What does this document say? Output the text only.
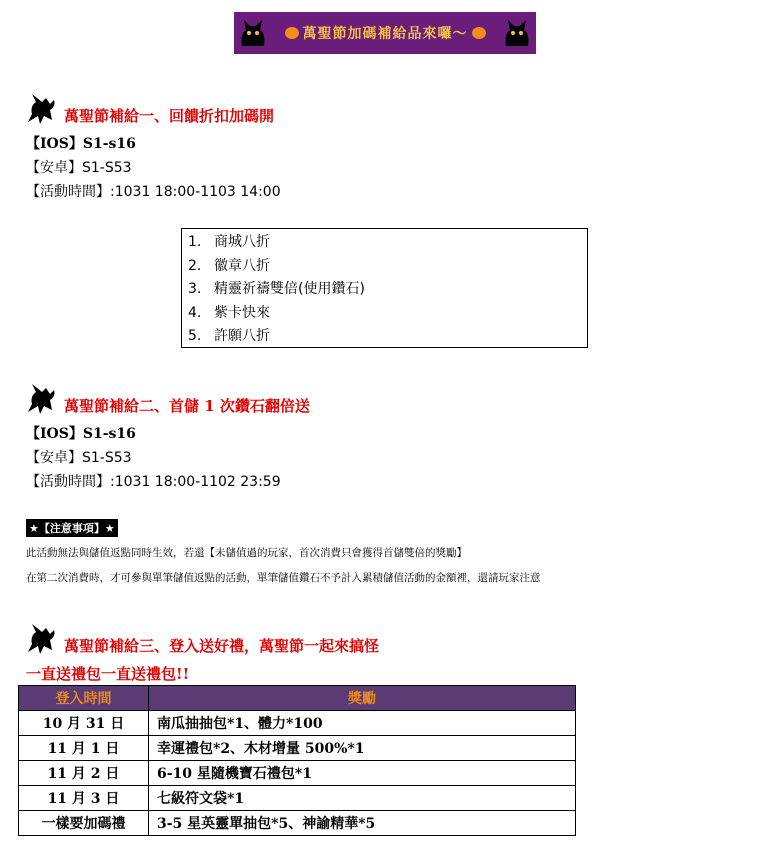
萬聖節加碼補給品來囉～
萬聖節補給一、回饋折扣加碼開
【IOS】S1-s16
【安卓】S1-S53
【活動時間】:1031 18:00-1103 14:00
1. 商城八折
2. 徽章八折
3. 精靈祈禱雙倍(使用鑽石)
4. 紫卡快來
5. 許願八折
萬聖節補給二、首儲 1 次鑽石翻倍送
【IOS】S1-s16
【安卓】S1-S53
【活動時間】:1031 18:00-1102 23:59
★【注意事項】★
此活動無法與儲值返點同時生效，若還【未儲值過的玩家，首次消費只會獲得首儲雙倍的獎勵】
在第二次消費時，才可參與單筆儲值返點的活動，單筆儲值鑽石不予計入累積儲值活動的金額裡，還請玩家注意
萬聖節補給三、登入送好禮，萬聖節一起來搞怪
一直送禮包一直送禮包!!
登入時間	獎勵
10 月 31 日	南瓜抽抽包*1、體力*100
11 月 1 日	幸運禮包*2、木材增量 500%*1
11 月 2 日	6-10 星隨機寶石禮包*1
11 月 3 日	七級符文袋*1
一樣要加碼禮	3-5 星英靈單抽包*5、神諭精華*5
